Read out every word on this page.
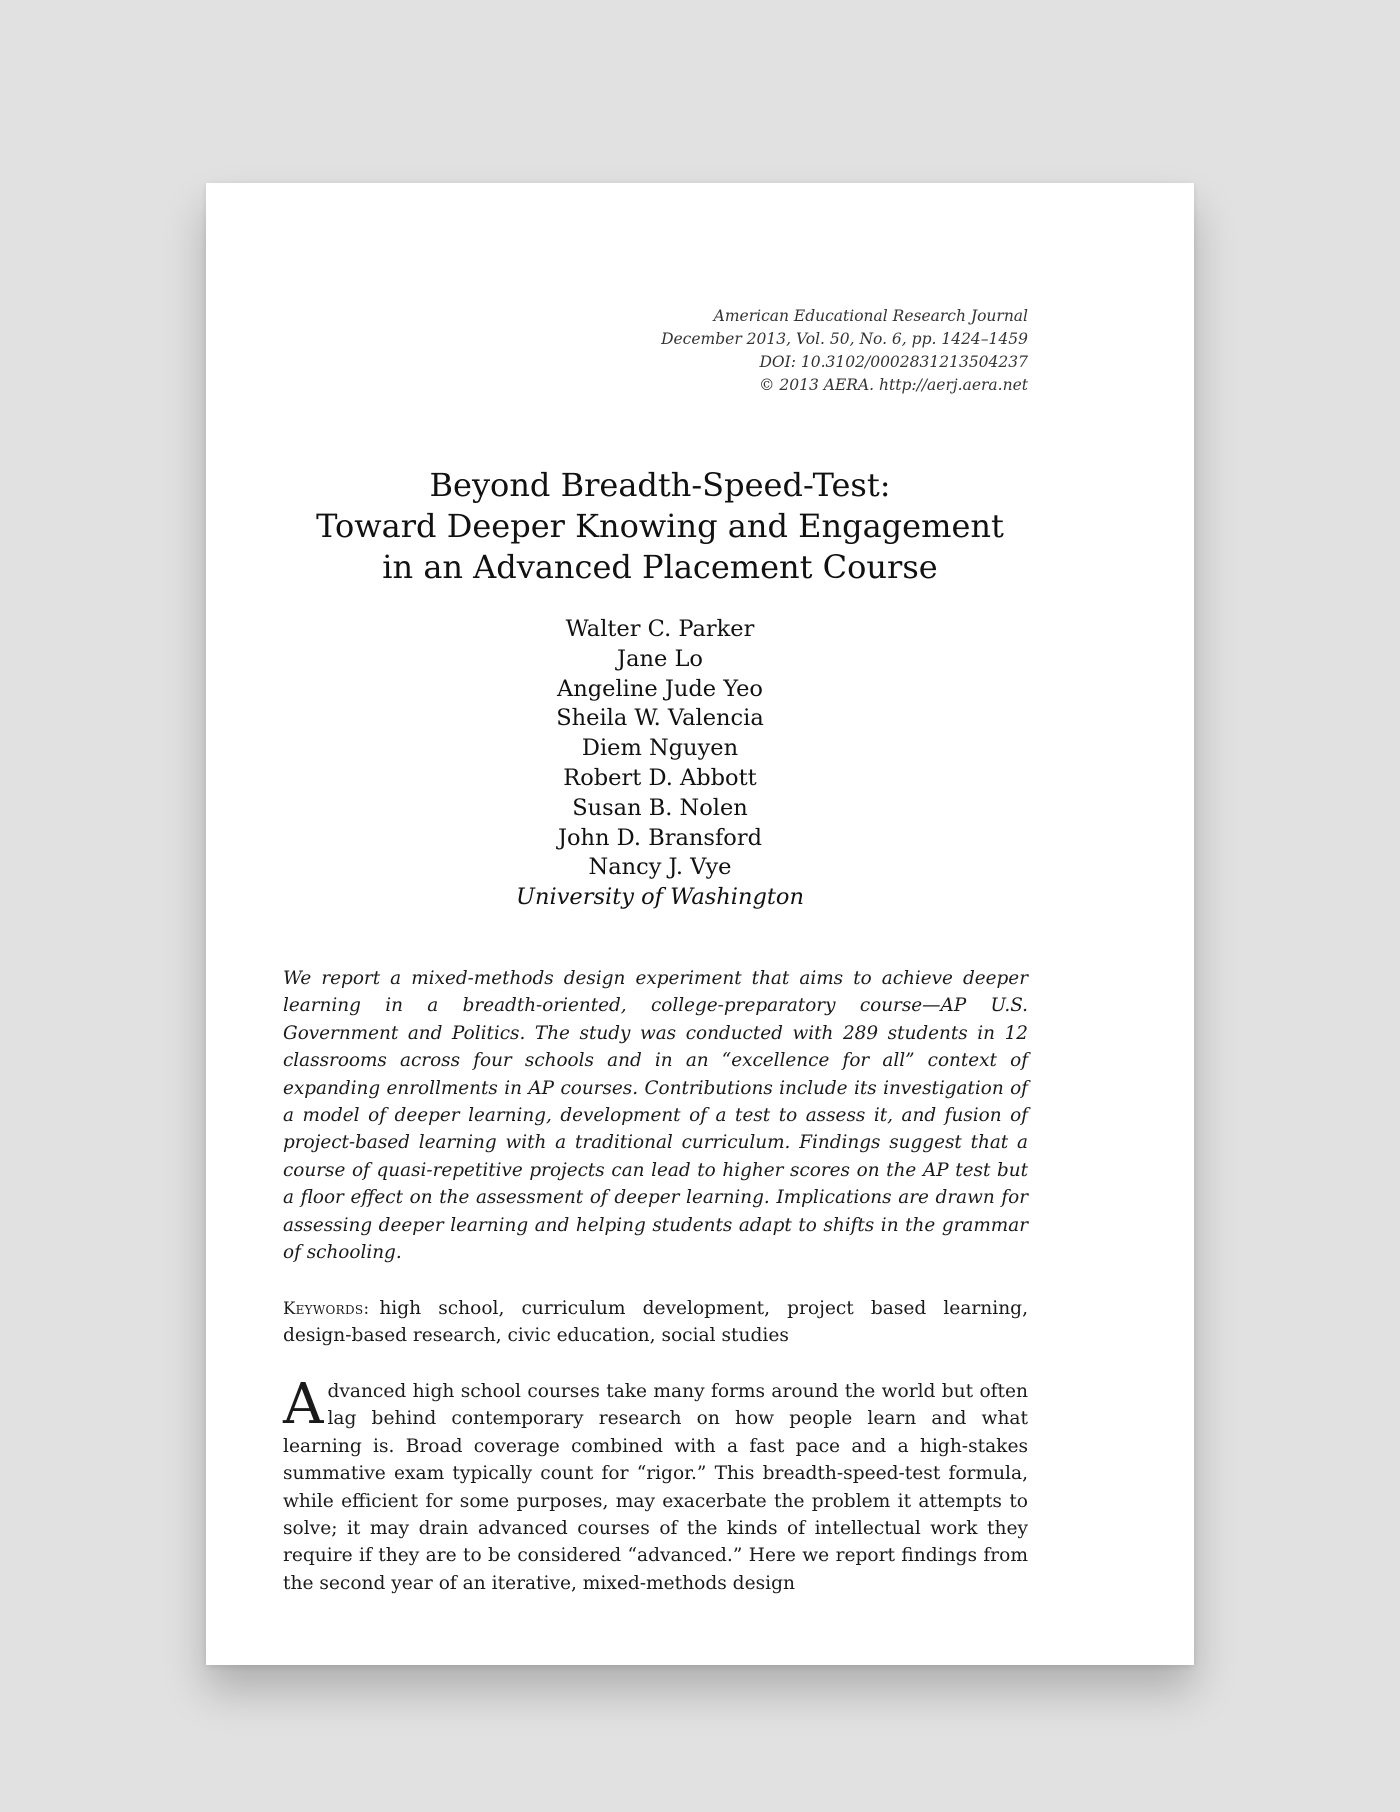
American Educational Research Journal
December 2013, Vol. 50, No. 6, pp. 1424–1459
DOI: 10.3102/0002831213504237
© 2013 AERA. http://aerj.aera.net
Beyond Breadth-Speed-Test:
Toward Deeper Knowing and Engagement
in an Advanced Placement Course
Walter C. Parker
Jane Lo
Angeline Jude Yeo
Sheila W. Valencia
Diem Nguyen
Robert D. Abbott
Susan B. Nolen
John D. Bransford
Nancy J. Vye
University of Washington
We report a mixed-methods design experiment that aims to achieve deeper learning in a breadth-oriented, college-preparatory course—AP U.S. Government and Politics. The study was conducted with 289 students in 12 classrooms across four schools and in an “excellence for all” context of expanding enrollments in AP courses. Contributions include its investigation of a model of deeper learning, development of a test to assess it, and fusion of project-based learning with a traditional curriculum. Findings suggest that a course of quasi-repetitive projects can lead to higher scores on the AP test but a floor effect on the assessment of deeper learning. Implications are drawn for assessing deeper learning and helping students adapt to shifts in the grammar of schooling.
Keywords: high school, curriculum development, project based learning, design-based research, civic education, social studies
Advanced high school courses take many forms around the world but often lag behind contemporary research on how people learn and what learning is. Broad coverage combined with a fast pace and a high-stakes summative exam typically count for “rigor.” This breadth-speed-test formula, while efficient for some purposes, may exacerbate the problem it attempts to solve; it may drain advanced courses of the kinds of intellectual work they require if they are to be considered “advanced.” Here we report findings from the second year of an iterative, mixed-methods design
